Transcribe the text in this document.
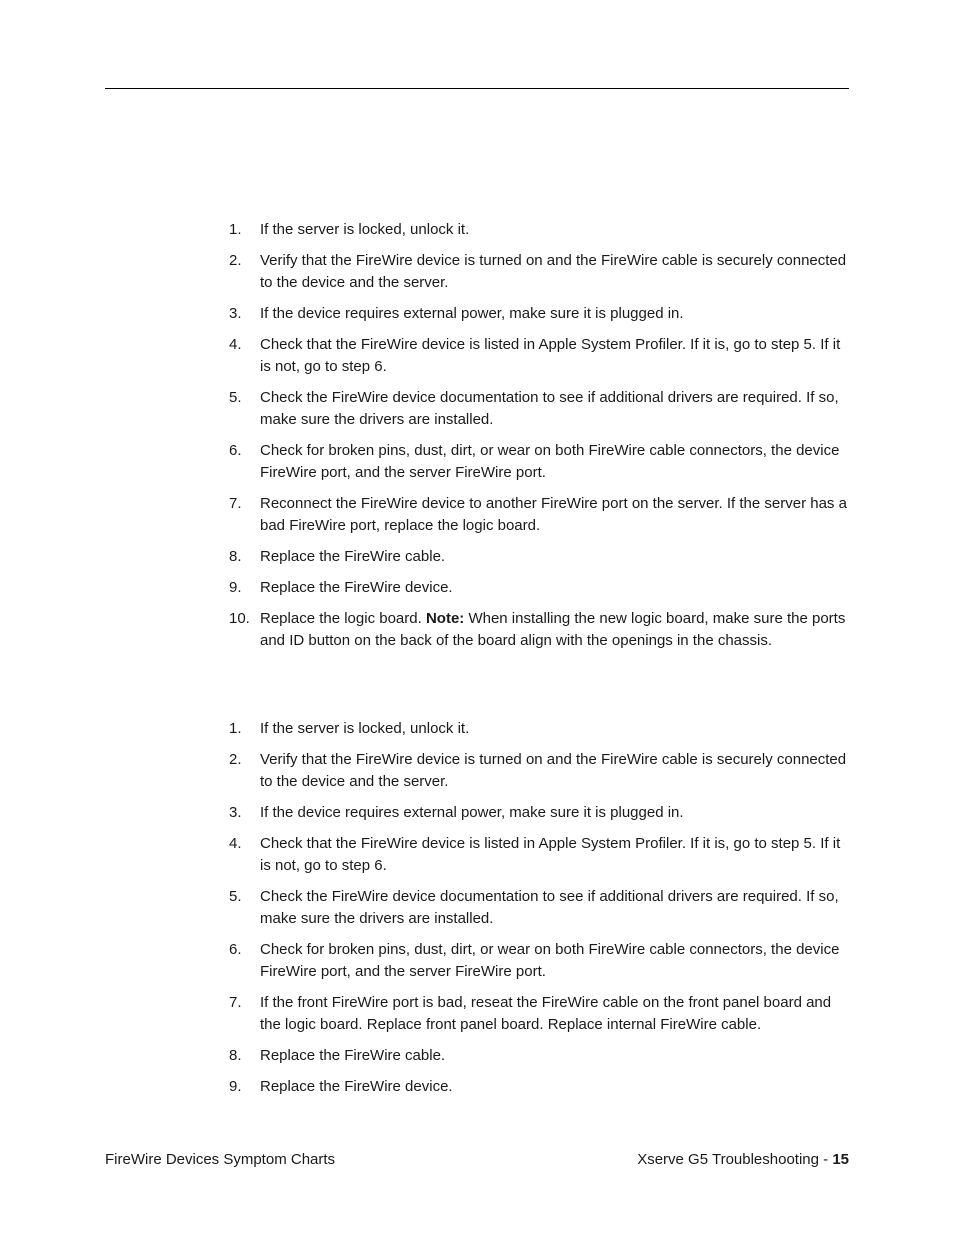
1.	If the server is locked, unlock it.
2.	Verify that the FireWire device is turned on and the FireWire cable is securely connected to the device and the server.
3.	If the device requires external power, make sure it is plugged in.
4.	Check that the FireWire device is listed in Apple System Profiler. If it is, go to step 5. If it is not, go to step 6.
5.	Check the FireWire device documentation to see if additional drivers are required. If so, make sure the drivers are installed.
6.	Check for broken pins, dust, dirt, or wear on both FireWire cable connectors, the device FireWire port, and the server FireWire port.
7.	Reconnect the FireWire device to another FireWire port on the server. If the server has a bad FireWire port, replace the logic board.
8.	Replace the FireWire cable.
9.	Replace the FireWire device.
10. Replace the logic board. Note: When installing the new logic board, make sure the ports and ID button on the back of the board align with the openings in the chassis.
1.	If the server is locked, unlock it.
2.	Verify that the FireWire device is turned on and the FireWire cable is securely connected to the device and the server.
3.	If the device requires external power, make sure it is plugged in.
4.	Check that the FireWire device is listed in Apple System Profiler. If it is, go to step 5. If it is not, go to step 6.
5.	Check the FireWire device documentation to see if additional drivers are required. If so, make sure the drivers are installed.
6.	Check for broken pins, dust, dirt, or wear on both FireWire cable connectors, the device FireWire port, and the server FireWire port.
7.	If the front FireWire port is bad, reseat the FireWire cable on the front panel board and the logic board. Replace front panel board. Replace internal FireWire cable.
8.	Replace the FireWire cable.
9.	Replace the FireWire device.
FireWire Devices Symptom Charts	Xserve G5 Troubleshooting - 15
